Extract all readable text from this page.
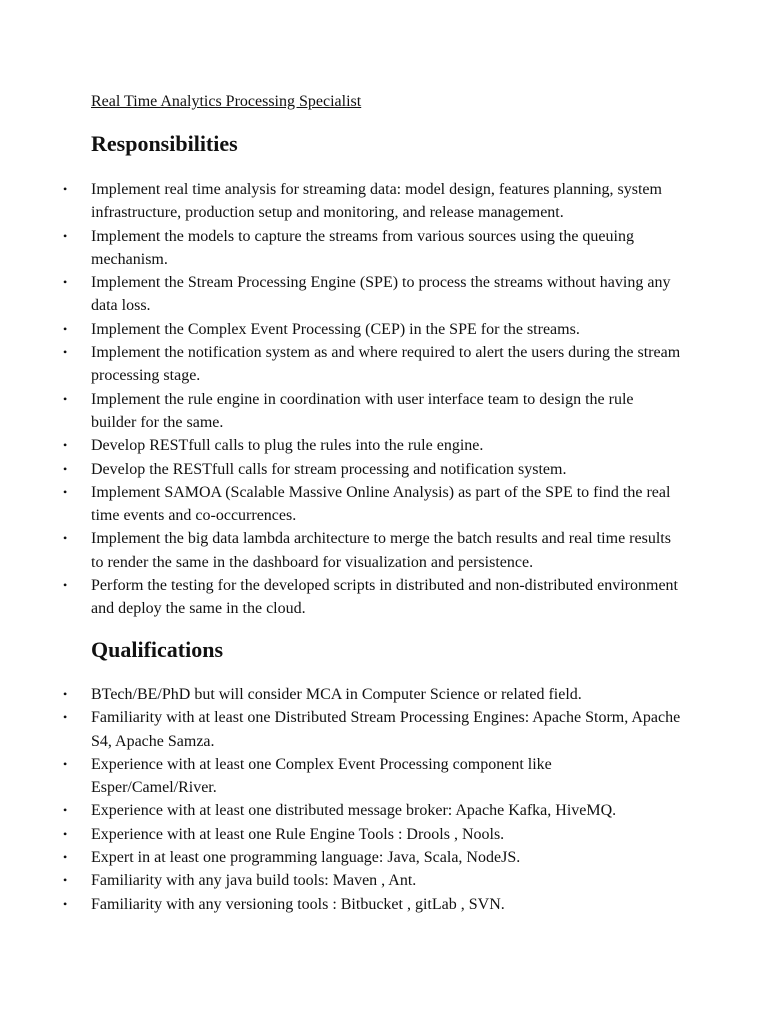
Real Time Analytics Processing Specialist
Responsibilities
• Implement real time analysis for streaming data: model design, features planning, system infrastructure, production setup and monitoring, and release management.
• Implement the models to capture the streams from various sources using the queuing mechanism.
• Implement the Stream Processing Engine (SPE) to process the streams without having any data loss.
• Implement the Complex Event Processing (CEP) in the SPE for the streams.
• Implement the notification system as and where required to alert the users during the stream processing stage.
• Implement the rule engine in coordination with user interface team to design the rule builder for the same.
• Develop RESTfull calls to plug the rules into the rule engine.
• Develop the RESTfull calls for stream processing and notification system.
• Implement SAMOA (Scalable Massive Online Analysis) as part of the SPE to find the real time events and co-occurrences.
• Implement the big data lambda architecture to merge the batch results and real time results to render the same in the dashboard for visualization and persistence.
• Perform the testing for the developed scripts in distributed and non-distributed environment and deploy the same in the cloud.
Qualifications
• BTech/BE/PhD but will consider MCA in Computer Science or related field.
• Familiarity with at least one Distributed Stream Processing Engines: Apache Storm, Apache S4, Apache Samza.
• Experience with at least one Complex Event Processing component like Esper/Camel/River.
• Experience with at least one distributed message broker: Apache Kafka, HiveMQ.
• Experience with at least one Rule Engine Tools : Drools , Nools.
• Expert in at least one programming language: Java, Scala, NodeJS.
• Familiarity with any java build tools: Maven , Ant.
• Familiarity with any versioning tools : Bitbucket , gitLab , SVN.
